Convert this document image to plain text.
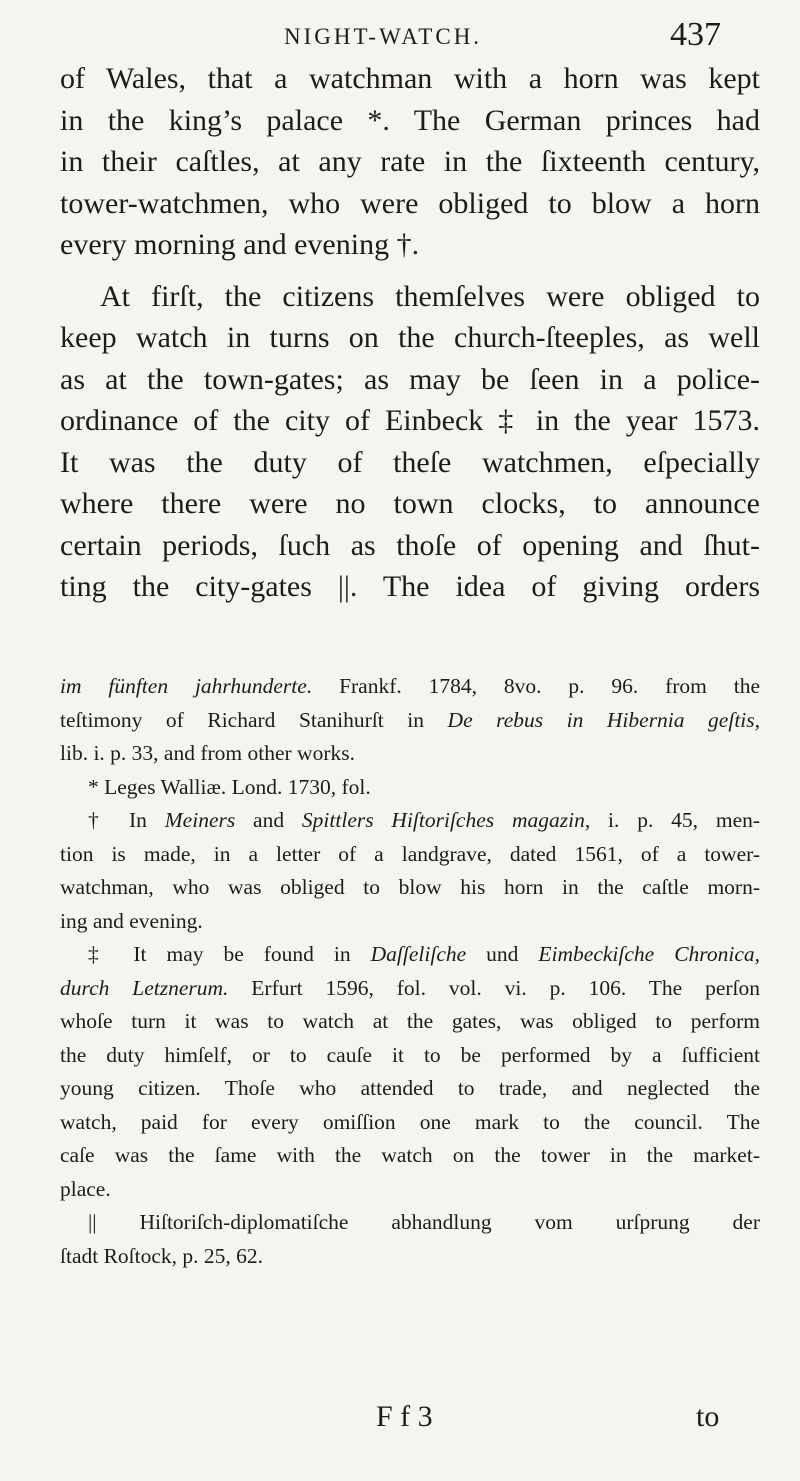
NIGHT-WATCH.	437
of Wales, that a watchman with a horn was kept
in the king’s palace *. The German princes had
in their caſtles, at any rate in the ſixteenth century,
tower-watchmen, who were obliged to blow a horn
every morning and evening †.
At firſt, the citizens themſelves were obliged to
keep watch in turns on the church-ſteeples, as well
as at the town-gates; as may be ſeen in a police-
ordinance of the city of Einbeck ‡ in the year 1573.
It was the duty of theſe watchmen, eſpecially
where there were no town clocks, to announce
certain periods, ſuch as thoſe of opening and ſhut-
ting the city-gates ||. The idea of giving orders
im fünften jahrhunderte. Frankf. 1784, 8vo. p. 96. from the
teſtimony of Richard Stanihurſt in De rebus in Hibernia geſtis,
lib. i. p. 33, and from other works.
* Leges Walliæ. Lond. 1730, fol.
† In Meiners and Spittlers Hiſtoriſches magazin, i. p. 45, men-
tion is made, in a letter of a landgrave, dated 1561, of a tower-
watchman, who was obliged to blow his horn in the caſtle morn-
ing and evening.
‡ It may be found in Daſſeliſche und Eimbeckiſche Chronica,
durch Letznerum. Erfurt 1596, fol. vol. vi. p. 106. The perſon
whoſe turn it was to watch at the gates, was obliged to perform
the duty himſelf, or to cauſe it to be performed by a ſufficient
young citizen. Thoſe who attended to trade, and neglected the
watch, paid for every omiſſion one mark to the council. The
caſe was the ſame with the watch on the tower in the market-
place.
|| Hiſtoriſch-diplomatiſche abhandlung vom urſprung der
ſtadt Roſtock, p. 25, 62.
F f 3	to
